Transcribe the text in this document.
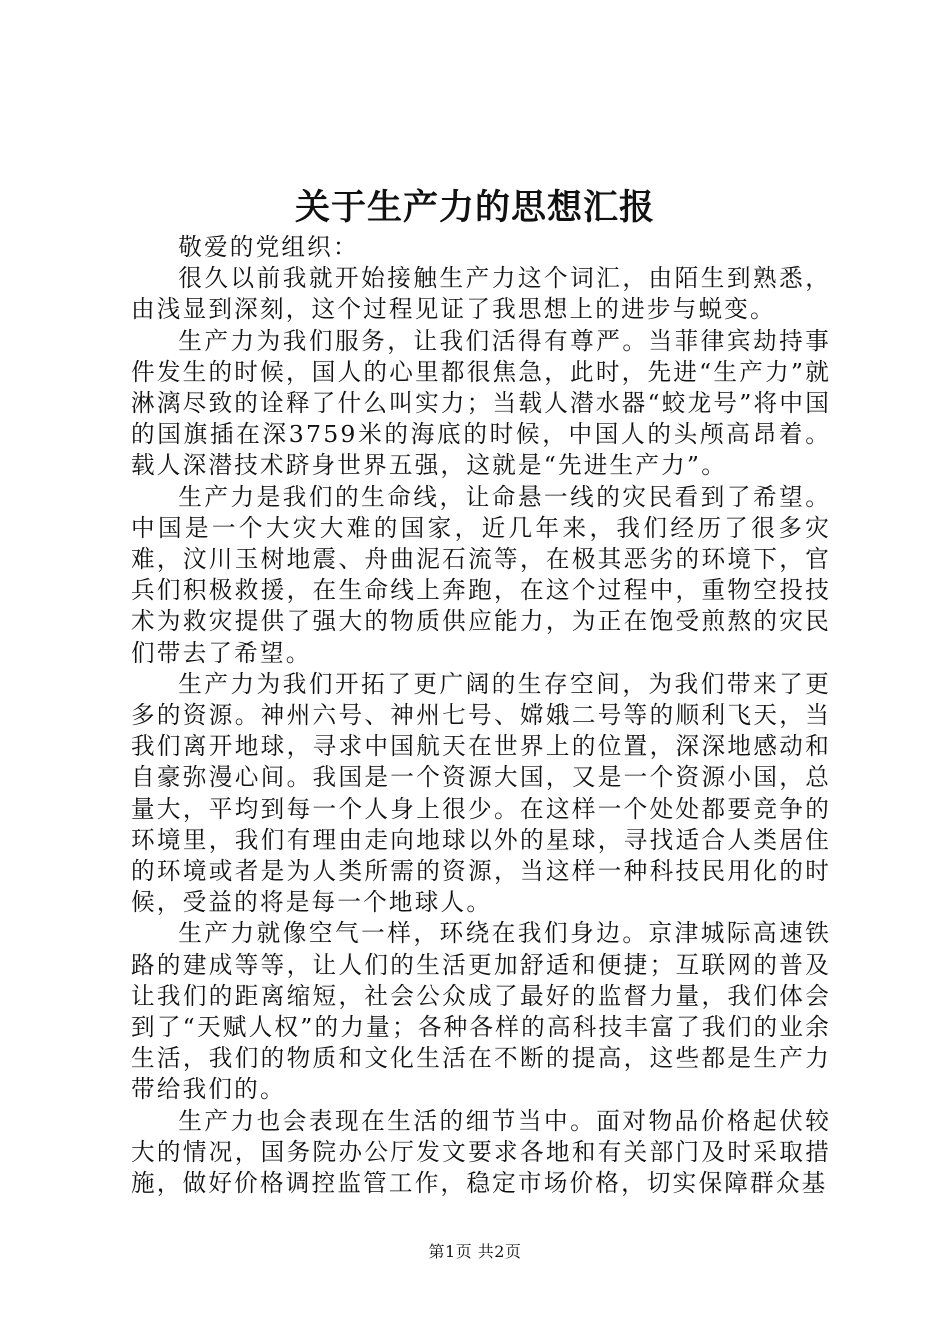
关于生产力的思想汇报

敬爱的党组织：

很久以前我就开始接触生产力这个词汇，由陌生到熟悉，由浅显到深刻，这个过程见证了我思想上的进步与蜕变。

生产力为我们服务，让我们活得有尊严。当菲律宾劫持事件发生的时候，国人的心里都很焦急，此时，先进“生产力”就淋漓尽致的诠释了什么叫实力；当载人潜水器“蛟龙号”将中国的国旗插在深3759米的海底的时候，中国人的头颅高昂着。载人深潜技术跻身世界五强，这就是“先进生产力”。

生产力是我们的生命线，让命悬一线的灾民看到了希望。中国是一个大灾大难的国家，近几年来，我们经历了很多灾难，汶川玉树地震、舟曲泥石流等，在极其恶劣的环境下，官兵们积极救援，在生命线上奔跑，在这个过程中，重物空投技术为救灾提供了强大的物质供应能力，为正在饱受煎熬的灾民们带去了希望。

生产力为我们开拓了更广阔的生存空间，为我们带来了更多的资源。神州六号、神州七号、嫦娥二号等的顺利飞天，当我们离开地球，寻求中国航天在世界上的位置，深深地感动和自豪弥漫心间。我国是一个资源大国，又是一个资源小国，总量大，平均到每一个人身上很少。在这样一个处处都要竞争的环境里，我们有理由走向地球以外的星球，寻找适合人类居住的环境或者是为人类所需的资源，当这样一种科技民用化的时候，受益的将是每一个地球人。

生产力就像空气一样，环绕在我们身边。京津城际高速铁路的建成等等，让人们的生活更加舒适和便捷；互联网的普及让我们的距离缩短，社会公众成了最好的监督力量，我们体会到了“天赋人权”的力量；各种各样的高科技丰富了我们的业余生活，我们的物质和文化生活在不断的提高，这些都是生产力带给我们的。

生产力也会表现在生活的细节当中。面对物品价格起伏较大的情况，国务院办公厅发文要求各地和有关部门及时采取措施，做好价格调控监管工作，稳定市场价格，切实保障群众基

第1页 共2页
